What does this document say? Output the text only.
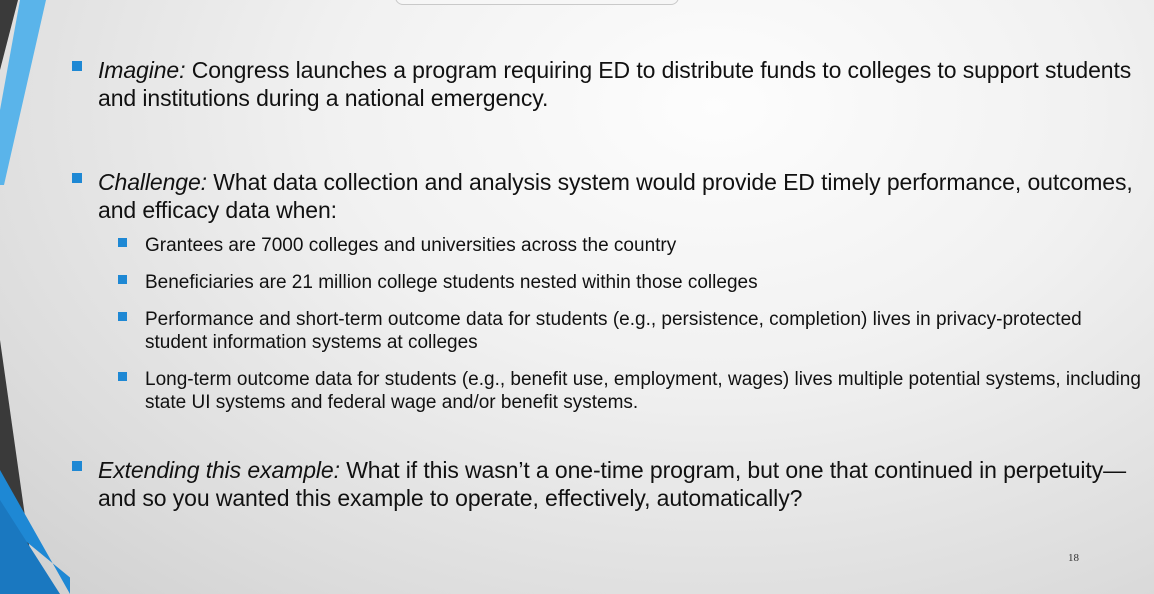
Imagine: Congress launches a program requiring ED to distribute funds to colleges to support students and institutions during a national emergency.
Challenge: What data collection and analysis system would provide ED timely performance, outcomes, and efficacy data when:
Grantees are 7000 colleges and universities across the country
Beneficiaries are 21 million college students nested within those colleges
Performance and short-term outcome data for students (e.g., persistence, completion) lives in privacy-protected student information systems at colleges
Long-term outcome data for students (e.g., benefit use, employment, wages) lives multiple potential systems, including state UI systems and federal wage and/or benefit systems.
Extending this example: What if this wasn’t a one-time program, but one that continued in perpetuity—and so you wanted this example to operate, effectively, automatically?
18
